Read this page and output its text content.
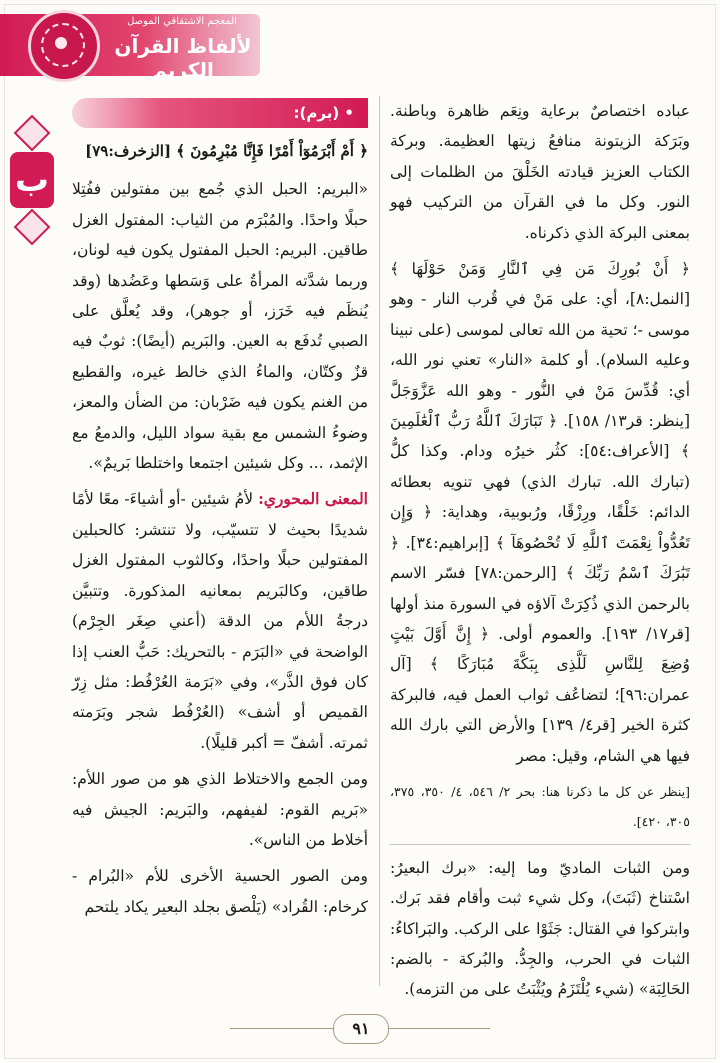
المعجم الاشتقاقي الموصل
لألفاظ القرآن الكريم
ب

عباده اختصاصٌ برعاية ونِعَم ظاهرة وباطنة. وبَرَكة الزيتونة منافعُ زيتها العظيمة. وبركة الكتاب العزيز قيادته الخَلْقَ من الظلمات إلى النور. وكل ما في القرآن من التركيب فهو بمعنى البركة الذي ذكرناه.

﴿ أَنْ بُورِكَ مَن فِي ٱلنَّارِ وَمَنْ حَوْلَهَا ﴾ [النمل:٨]، أي: على مَنْ في قُرب النار - وهو موسى -؛ تحية من الله تعالى لموسى (على نبينا وعليه السلام). أو كلمة «النار» تعني نور الله، أي: قُدِّسَ مَنْ في النُّور - وهو الله عَزَّوَجَلَّ [ينظر: قر١٣/ ١٥٨]. ﴿ تَبَارَكَ ٱللَّهُ رَبُّ ٱلْعَٰلَمِينَ ﴾ [الأعراف:٥٤]: كثُر خيرُه ودام. وكذا كلُّ (تبارك الله. تبارك الذي) فهي تنويه بعطائه الدائم: خَلْقًا، ورِزْقًا، ورُبوبية، وهداية: ﴿ وَإِن تَعُدُّواْ نِعْمَتَ ٱللَّهِ لَا تُحْصُوهَآ ﴾ [إبراهيم:٣٤]. ﴿ تَبَٰرَكَ ٱسْمُ رَبِّكَ ﴾ [الرحمن:٧٨] فسّر الاسم بالرحمن الذي ذُكِرَتْ آلاؤه في السورة منذ أولها [قر١٧/ ١٩٣]. والعموم أولى. ﴿ إِنَّ أَوَّلَ بَيْتٍ وُضِعَ لِلنَّاسِ لَلَّذِى بِبَكَّةَ مُبَارَكًا ﴾ [آل عمران:٩٦]؛ لتضاعُف ثواب العمل فيه، فالبركة كثرة الخير [قر٤/ ١٣٩] والأرض التي بارك الله فيها هي الشام، وقيل: مصر

[ينظر عن كل ما ذكرنا هنا: بحر ٢/ ٥٤٦، ٤/ ٣٥٠، ٣٧٥، ٣٠٥، ٤٢٠].

ومن الثبات الماديّ وما إليه: «برك البعيرُ: اسْتناخ (ثَبَتَ)، وكل شيء ثبت وأقام فقد بَرك. وابتركوا في القتال: جَثَوْا على الركب. والبَراكاءُ: الثبات في الحرب، والجِدُّ. والبُركة - بالضم: الحَالِبَة» (شيء يُلْتَزَمُ ويُثْبَتُ على من التزمه).

• (برم):

﴿ أَمْ أَبْرَمُوٓاْ أَمْرًا فَإِنَّا مُبْرِمُونَ ﴾ [الزخرف:٧٩]

«البريم: الحبل الذي جُمع بين مفتولين ففُتِلا حبلًا واحدًا. والمُبْرَم من الثياب: المفتول الغزل طاقين. البريم: الحبل المفتول يكون فيه لونان، وربما شدَّته المرأةُ على وَسَطها وعَضُدها (وقد يُنظَم فيه خَرَز، أو جوهر)، وقد يُعلَّق على الصبي تُدفَع به العين. والبَريم (أيضًا): ثوبٌ فيه قزٌ وكتّان، والماءُ الذي خالط غيره، والقطيع من الغنم يكون فيه ضَرْبان: من الضأن والمعز، وضوءُ الشمس مع بقية سواد الليل، والدمعُ مع الإثمد، ... وكل شيئين اجتمعا واختلطا بَريمٌ».

المعنى المحوري: لأمُ شيئين -أو أشياءَ- معًا لأمًا شديدًا بحيث لا تتسيّب، ولا تنتشر: كالحبلين المفتولين حبلًا واحدًا، وكالثوب المفتول الغزل طاقين، وكالبَريم بمعانيه المذكورة. وتتبيَّن درجةُ اللأم من الدقة (أعني صِغَر الجِرْم) الواضحة في «البَرَم - بالتحريك: حَبُّ العنب إذا كان فوق الذَّر»، وفي «بَرَمة العُرْفُط: مثل زِرّ القميص أو أشف» (العُرْفُط شجر وبَرَمته ثمرته. أشفّ = أكبر قليلًا).

ومن الجمع والاختلاط الذي هو من صور اللأم: «بَريم القوم: لفيفهم، والبَريم: الجيش فيه أخلاط من الناس».

ومن الصور الحسية الأخرى للأم «البُرام - كرخام: القُراد» (يَلْصق بجلد البعير يكاد يلتحم

٩١
